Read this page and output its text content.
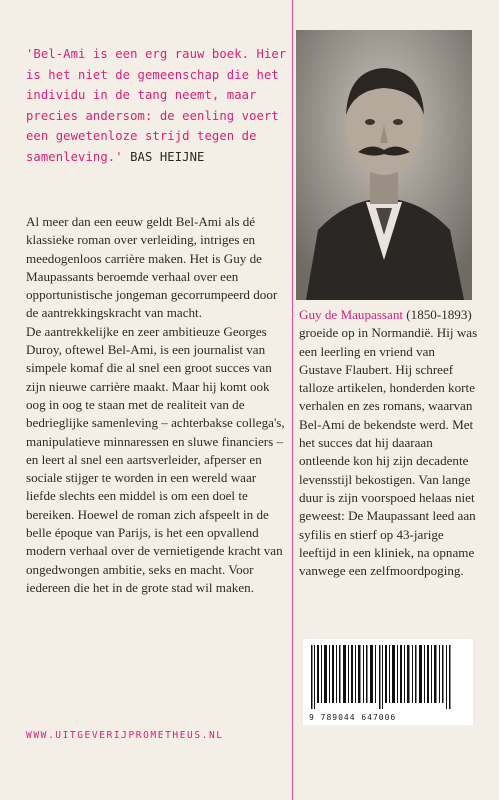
'Bel-Ami is een erg rauw boek. Hier is het niet de gemeenschap die het individu in de tang neemt, maar precies andersom: de eenling voert een gewetenloze strijd tegen de samenleving.' BAS HEIJNE

Al meer dan een eeuw geldt Bel-Ami als dé klassieke roman over verleiding, intriges en meedogenloos carrière maken. Het is Guy de Maupassants beroemde verhaal over een opportunistische jongeman gecorrumpeerd door de aantrekkingskracht van macht.

De aantrekkelijke en zeer ambitieuze Georges Duroy, oftewel Bel-Ami, is een journalist van simpele komaf die al snel een groot succes van zijn nieuwe carrière maakt. Maar hij komt ook oog in oog te staan met de realiteit van de bedrieglijke samenleving – achterbakse collega's, manipulatieve minnaressen en sluwe financiers – en leert al snel een aartsverleider, afperser en sociale stijger te worden in een wereld waar liefde slechts een middel is om een doel te bereiken. Hoewel de roman zich afspeelt in de belle époque van Parijs, is het een opvallend modern verhaal over de vernietigende kracht van ongedwongen ambitie, seks en macht. Voor iedereen die het in de grote stad wil maken.

Guy de Maupassant (1850-1893) groeide op in Normandië. Hij was een leerling en vriend van Gustave Flaubert. Hij schreef talloze artikelen, honderden korte verhalen en zes romans, waarvan Bel-Ami de bekendste werd. Met het succes dat hij daaraan ontleende kon hij zijn decadente levensstijl bekostigen. Van lange duur is zijn voorspoed helaas niet geweest: De Maupassant leed aan syfilis en stierf op 43-jarige leeftijd in een kliniek, na opname vanwege een zelfmoordpoging.
9 789044 647006
WWW.UITGEVERIJPROMETHEUS.NL
